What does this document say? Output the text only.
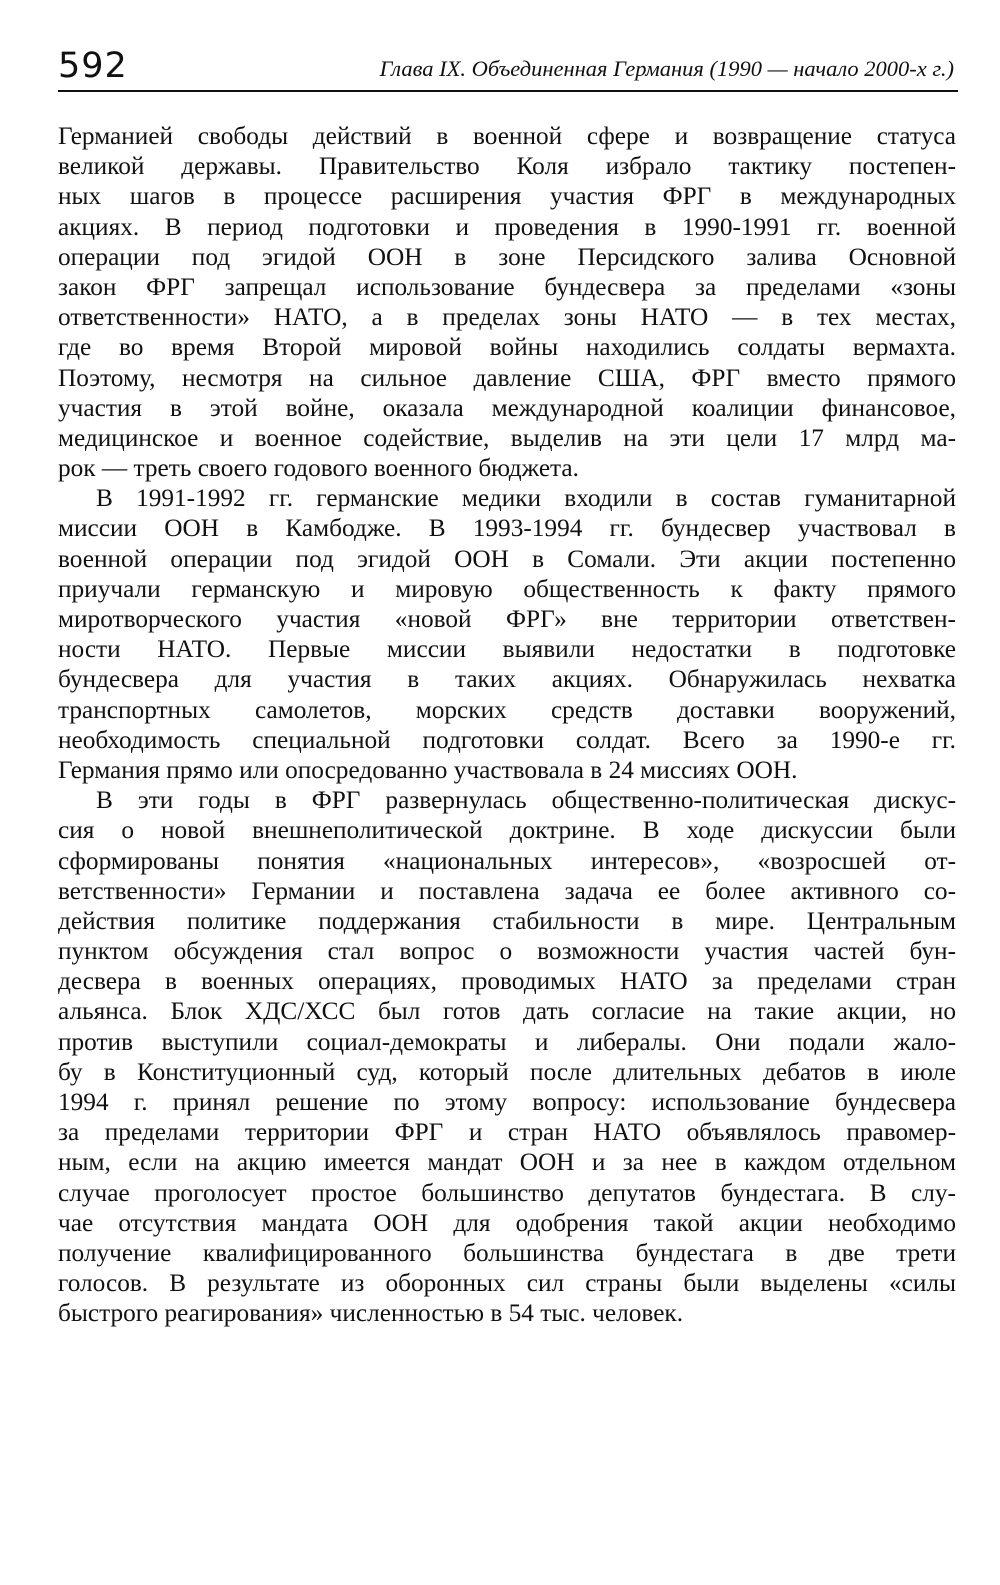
592	Глава IX. Объединенная Германия (1990 — начало 2000-х г.)
Германией свободы действий в военной сфере и возвращение статуса
великой державы. Правительство Коля избрало тактику постепен-
ных шагов в процессе расширения участия ФРГ в международных
акциях. В период подготовки и проведения в 1990-1991 гг. военной
операции под эгидой ООН в зоне Персидского залива Основной
закон ФРГ запрещал использование бундесвера за пределами «зоны
ответственности» НАТО, а в пределах зоны НАТО — в тех местах,
где во время Второй мировой войны находились солдаты вермахта.
Поэтому, несмотря на сильное давление США, ФРГ вместо прямого
участия в этой войне, оказала международной коалиции финансовое,
медицинское и военное содействие, выделив на эти цели 17 млрд ма-
рок — треть своего годового военного бюджета.
В 1991-1992 гг. германские медики входили в состав гуманитарной
миссии ООН в Камбодже. В 1993-1994 гг. бундесвер участвовал в
военной операции под эгидой ООН в Сомали. Эти акции постепенно
приучали германскую и мировую общественность к факту прямого
миротворческого участия «новой ФРГ» вне территории ответствен-
ности НАТО. Первые миссии выявили недостатки в подготовке
бундесвера для участия в таких акциях. Обнаружилась нехватка
транспортных самолетов, морских средств доставки вооружений,
необходимость специальной подготовки солдат. Всего за 1990-е гг.
Германия прямо или опосредованно участвовала в 24 миссиях ООН.
В эти годы в ФРГ развернулась общественно-политическая дискус-
сия о новой внешнеполитической доктрине. В ходе дискуссии были
сформированы понятия «национальных интересов», «возросшей от-
ветственности» Германии и поставлена задача ее более активного со-
действия политике поддержания стабильности в мире. Центральным
пунктом обсуждения стал вопрос о возможности участия частей бун-
десвера в военных операциях, проводимых НАТО за пределами стран
альянса. Блок ХДС/ХСС был готов дать согласие на такие акции, но
против выступили социал-демократы и либералы. Они подали жало-
бу в Конституционный суд, который после длительных дебатов в июле
1994 г. принял решение по этому вопросу: использование бундесвера
за пределами территории ФРГ и стран НАТО объявлялось правомер-
ным, если на акцию имеется мандат ООН и за нее в каждом отдельном
случае проголосует простое большинство депутатов бундестага. В слу-
чае отсутствия мандата ООН для одобрения такой акции необходимо
получение квалифицированного большинства бундестага в две трети
голосов. В результате из оборонных сил страны были выделены «силы
быстрого реагирования» численностью в 54 тыс. человек.
